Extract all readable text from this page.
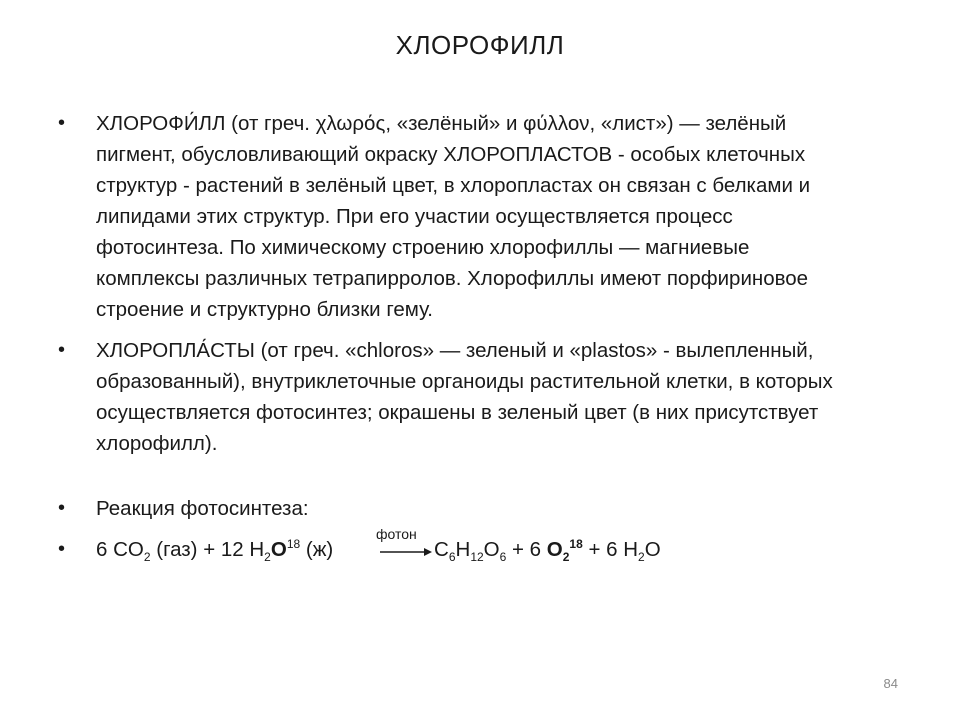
ХЛОРОФИЛЛ
• ХЛОРОФИ́ЛЛ (от греч. χλωρός, «зелёный» и φύλλον, «лист») — зелёный пигмент, обусловливающий окраску ХЛОРОПЛАСТОВ - особых клеточных структур - растений в зелёный цвет, в хлоропластах он связан с белками и липидами этих структур. При его участии осуществляется процесс фотосинтеза. По химическому строению хлорофиллы — магниевые комплексы различных тетрапирролов. Хлорофиллы имеют порфириновое строение и структурно близки гему.
• ХЛОРОПЛА́СТЫ (от греч. «chloros» — зеленый и «plastos» - вылепленный, образованный), внутриклеточные органоиды растительной клетки, в которых осуществляется фотосинтез; окрашены в зеленый цвет (в них присутствует хлорофилл).
• Реакция фотосинтеза:
• 6 $CO_2$ (газ) + 12 $H_2O^{18}$ (ж)	$C_6H_{12}O_6 + 6$ $O_2^{18} + 6$ $H_2O$
фотон
84
